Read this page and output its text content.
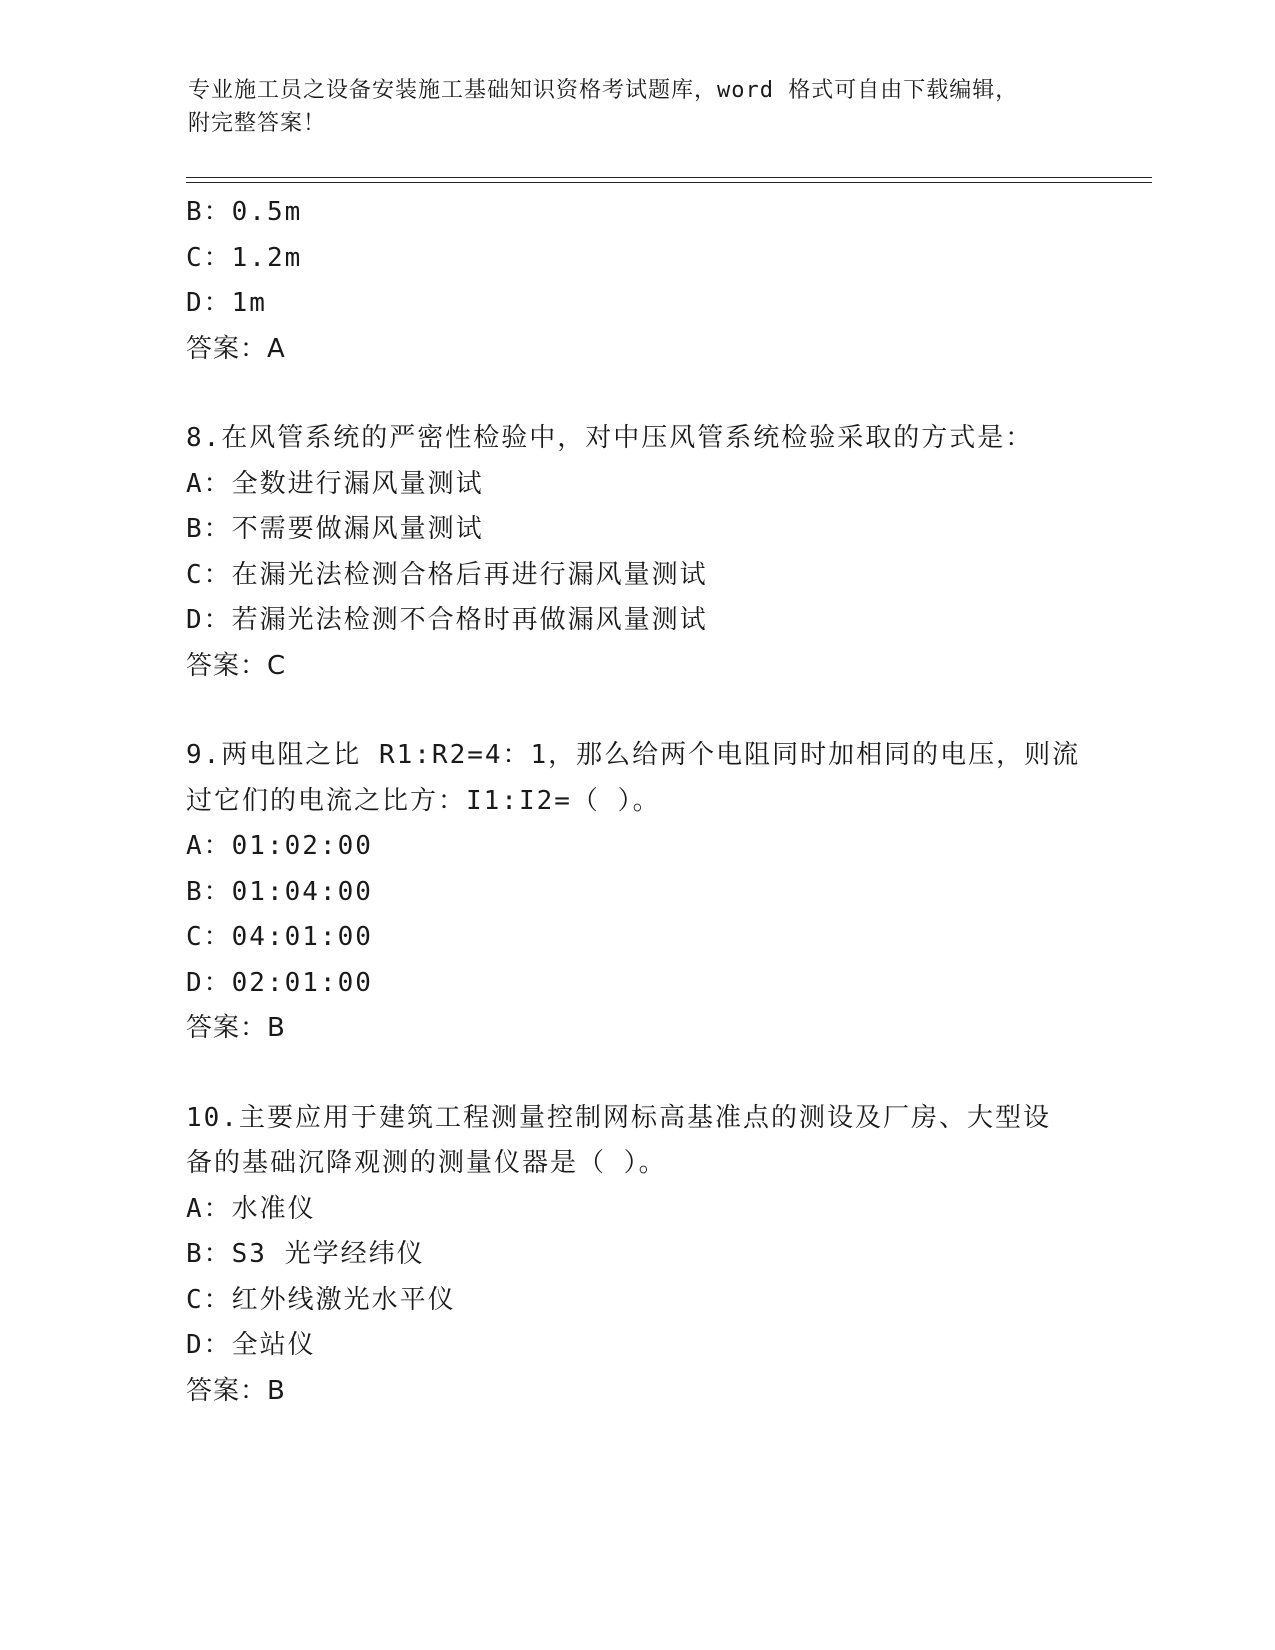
专业施工员之设备安装施工基础知识资格考试题库，word 格式可自由下载编辑，
附完整答案！
B：0.5m
C：1.2m
D：1m
答案：A
8.在风管系统的严密性检验中，对中压风管系统检验采取的方式是：
A：全数进行漏风量测试
B：不需要做漏风量测试
C：在漏光法检测合格后再进行漏风量测试
D：若漏光法检测不合格时再做漏风量测试
答案：C
9.两电阻之比 R1:R2=4：1，那么给两个电阻同时加相同的电压，则流
过它们的电流之比方：I1:I2=（ ）。
A：01:02:00
B：01:04:00
C：04:01:00
D：02:01:00
答案：B
10.主要应用于建筑工程测量控制网标高基准点的测设及厂房、大型设
备的基础沉降观测的测量仪器是（ ）。
A：水准仪
B：S3 光学经纬仪
C：红外线激光水平仪
D：全站仪
答案：B
